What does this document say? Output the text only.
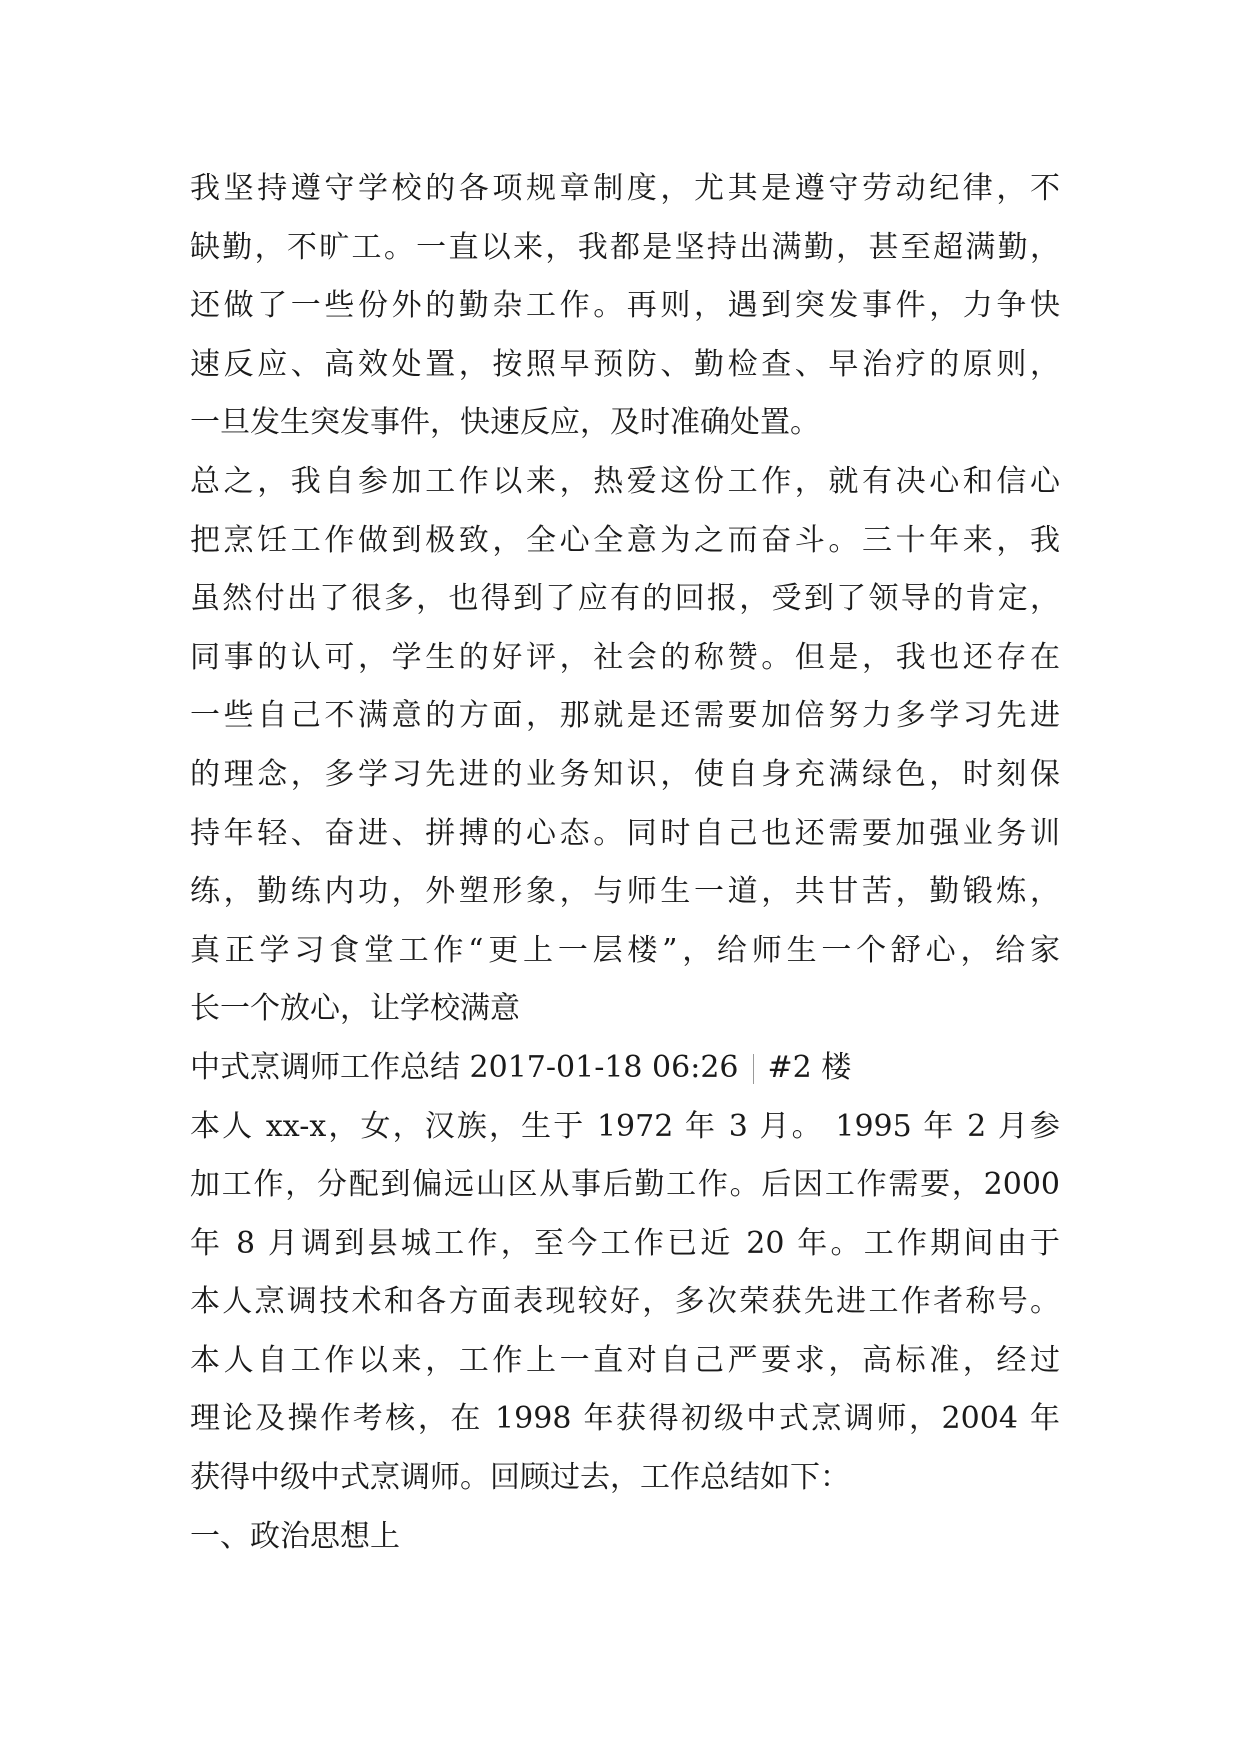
我坚持遵守学校的各项规章制度，尤其是遵守劳动纪律，不
缺勤，不旷工。一直以来，我都是坚持出满勤，甚至超满勤，
还做了一些份外的勤杂工作。再则，遇到突发事件，力争快
速反应、高效处置，按照早预防、勤检查、早治疗的原则，
一旦发生突发事件，快速反应，及时准确处置。
总之，我自参加工作以来，热爱这份工作，就有决心和信心
把烹饪工作做到极致，全心全意为之而奋斗。三十年来，我
虽然付出了很多，也得到了应有的回报，受到了领导的肯定，
同事的认可，学生的好评，社会的称赞。但是，我也还存在
一些自己不满意的方面，那就是还需要加倍努力多学习先进
的理念，多学习先进的业务知识，使自身充满绿色，时刻保
持年轻、奋进、拼搏的心态。同时自己也还需要加强业务训
练，勤练内功，外塑形象，与师生一道，共甘苦，勤锻炼，
真正学习食堂工作“更上一层楼”，给师生一个舒心，给家
长一个放心，让学校满意
中式烹调师工作总结 2017-01-18 06:26 #2 楼
本人 xx-x，女，汉族，生于 1972 年 3 月。 1995 年 2 月参
加工作，分配到偏远山区从事后勤工作。后因工作需要，2000
年 8 月调到县城工作，至今工作已近 20 年。工作期间由于
本人烹调技术和各方面表现较好，多次荣获先进工作者称号。
本人自工作以来，工作上一直对自己严要求，高标准，经过
理论及操作考核，在 1998 年获得初级中式烹调师，2004 年
获得中级中式烹调师。回顾过去，工作总结如下：
一、政治思想上
